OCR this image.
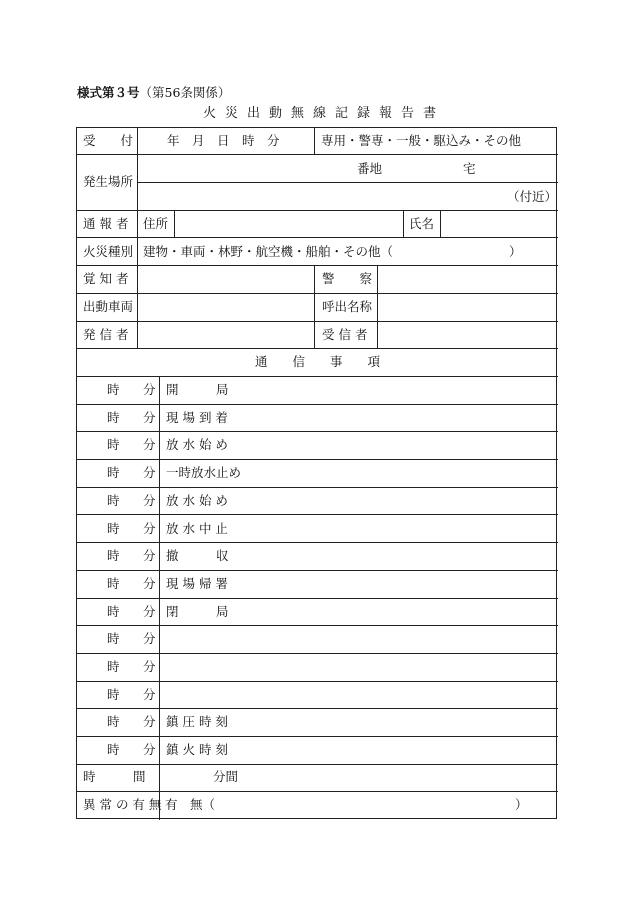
様式第３号（第56条関係）
火災出動無線記録報告書
受　　付	年　月　日　時　分	専用・警専・一般・駆込み・その他
発生場所
番地	宅
（付近）
通 報 者 住所	氏名
火災種別 建物・車両・林野・航空機・船舶・その他（	）
覚 知 者	警　　察
出動車両	呼出名称
発 信 者	受 信 者
通　　信　　事　　項
時 分 開　　　局
時 分 現 場 到 着
時 分 放 水 始 め
時 分 一時放水止め
時 分 放 水 始 め
時 分 放 水 中 止
時 分 撤　　　収
時 分 現 場 帰 署
時 分 閉　　　局
時 分
時 分
時 分
時 分 鎮 圧 時 刻
時 分 鎮 火 時 刻
時　　　間	分間
異 常 の 有 無 有　無（	）
